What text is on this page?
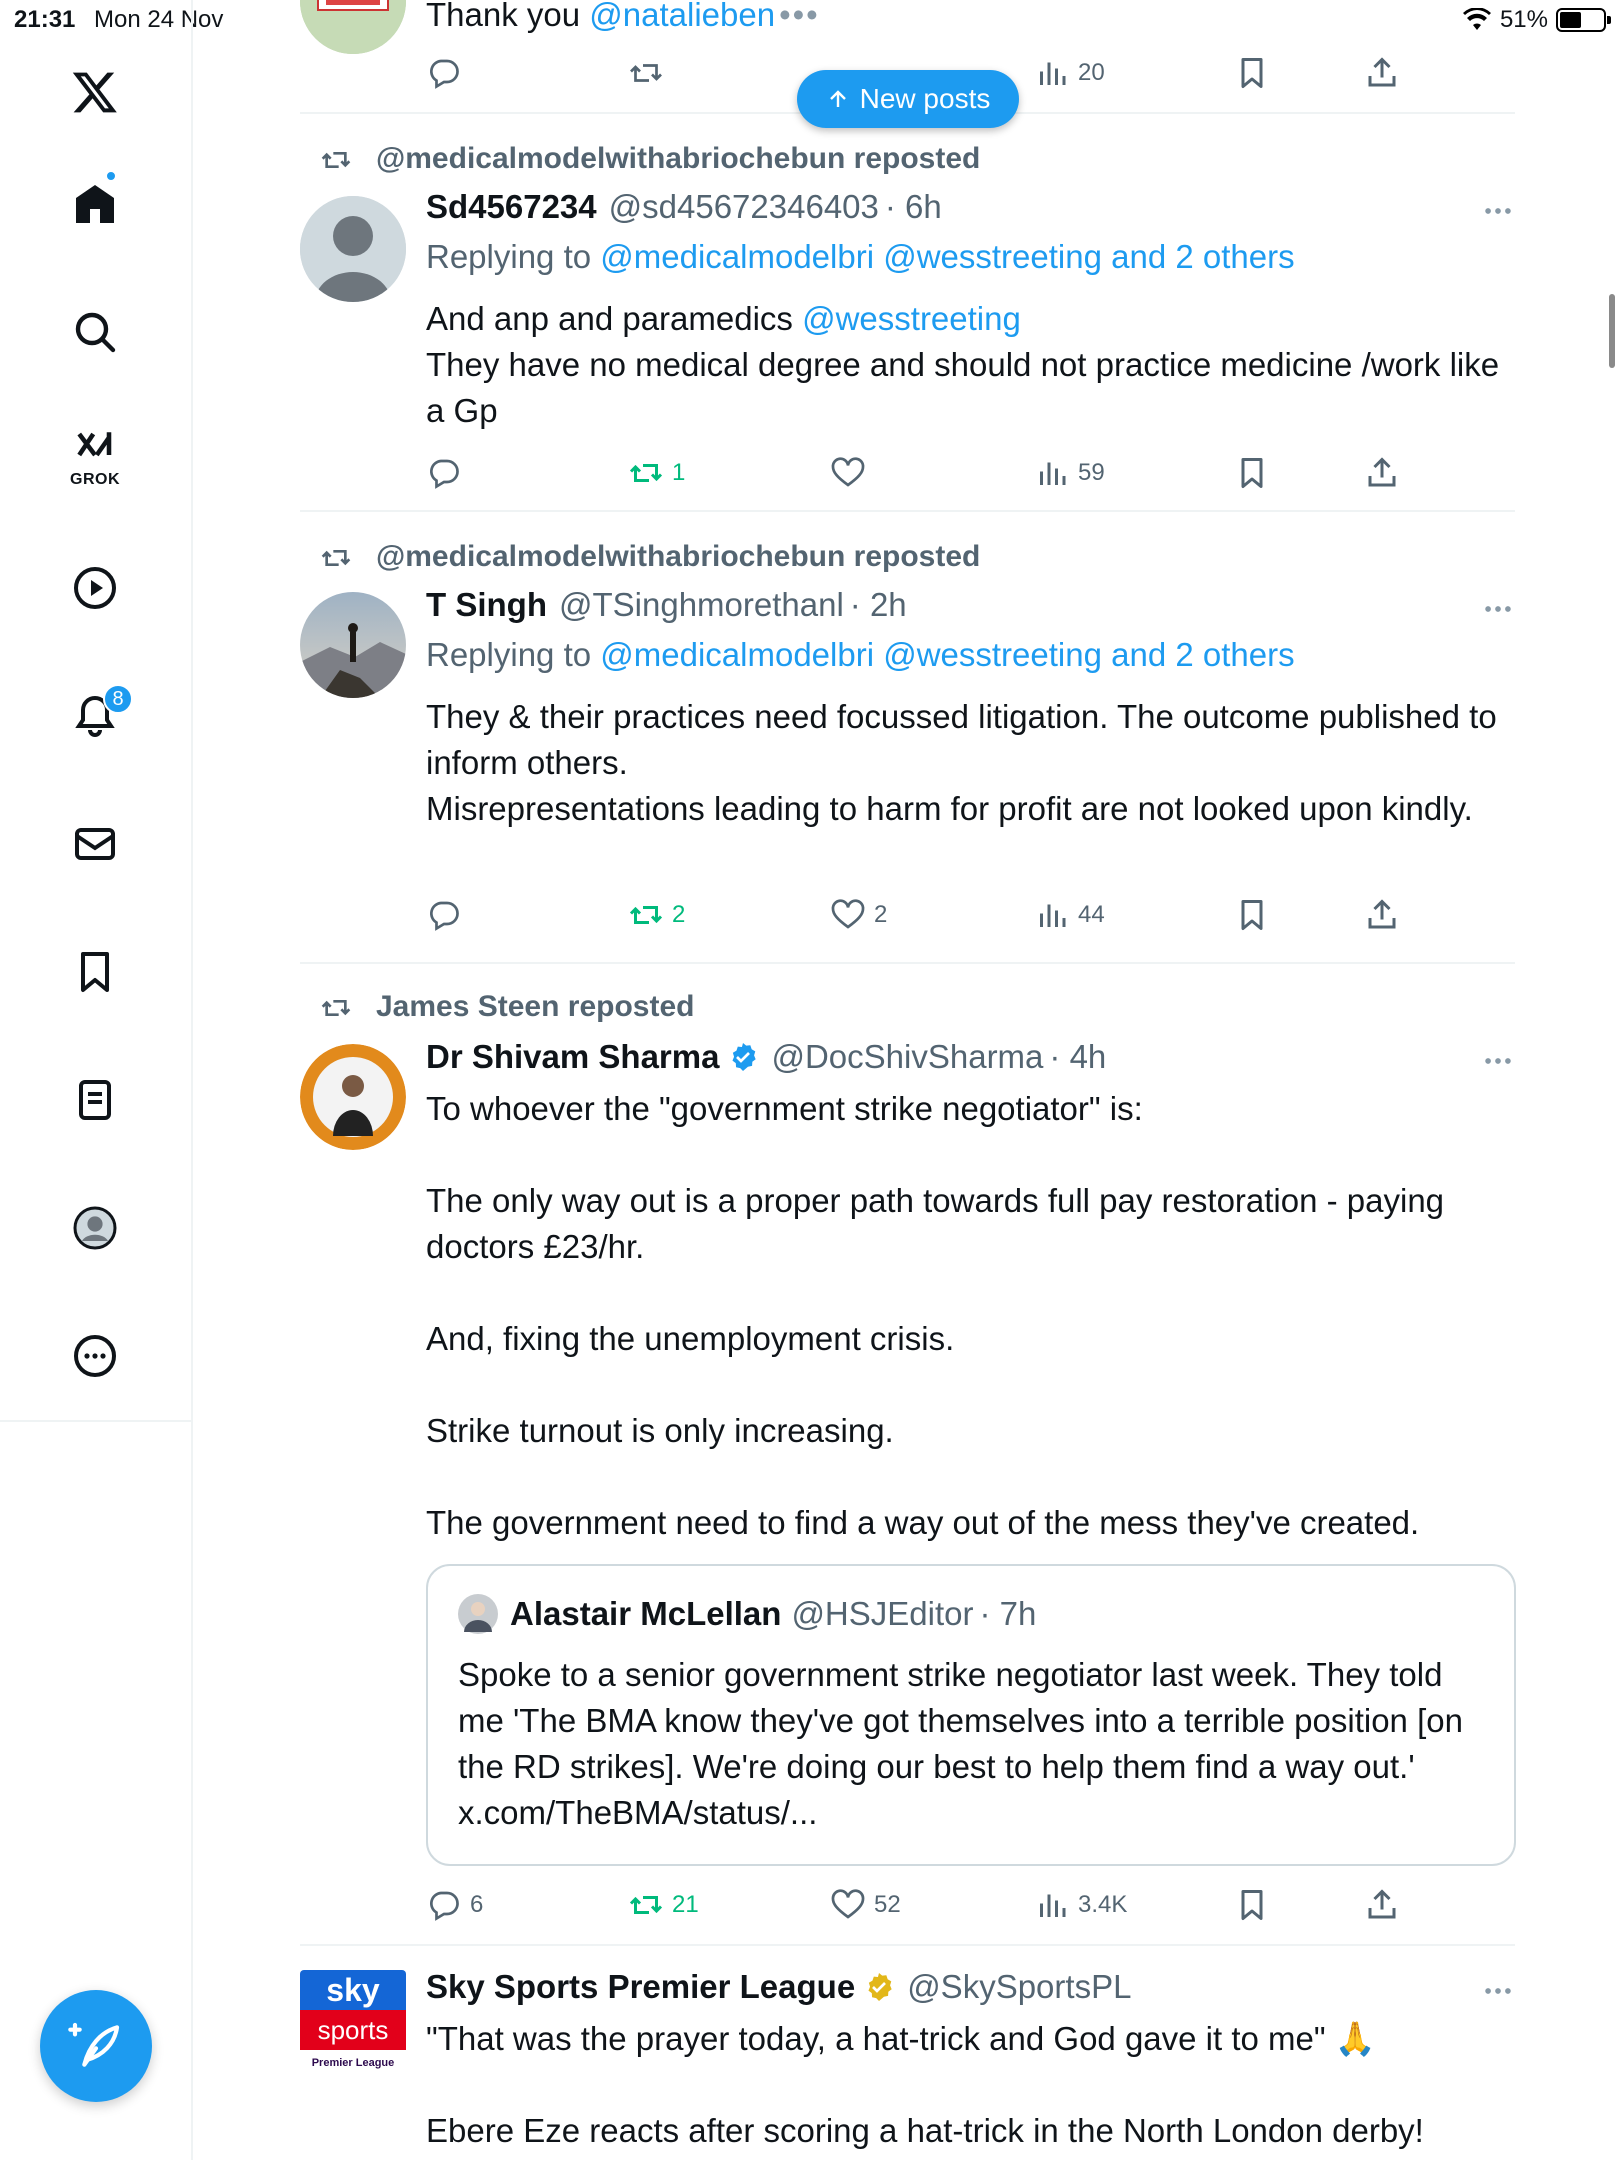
21:31 Mon 24 Nov	51%
GROK
8
Thank you @natalieben •••
20
@medicalmodelwithabriochebun reposted
Sd4567234 @sd45672346403 · 6h
Replying to @medicalmodelbri @wesstreeting and 2 others

And anp and paramedics @wesstreeting

They have no medical degree and should not practice medicine /work like a Gp

1	59
@medicalmodelwithabriochebun reposted
T Singh @TSinghmorethanl · 2h
Replying to @medicalmodelbri @wesstreeting and 2 others

They & their practices need focussed litigation. The outcome published to inform others.

Misrepresentations leading to harm for profit are not looked upon kindly.

2	2	44
James Steen reposted
Dr Shivam Sharma @DocShivSharma · 4h

To whoever the "government strike negotiator" is:

The only way out is a proper path towards full pay restoration - paying doctors £23/hr.

And, fixing the unemployment crisis.

Strike turnout is only increasing.

The government need to find a way out of the mess they've created.

Alastair McLellan @HSJEditor · 7h
Spoke to a senior government strike negotiator last week. They told me 'The BMA know they've got themselves into a terrible position [on the RD strikes]. We're doing our best to help them find a way out.' x.com/TheBMA/status/...
6	21	52	3.4K
sky
sports
Premier League
Sky Sports Premier League @SkySportsPL

"That was the prayer today, a hat-trick and God gave it to me" 🙏

Ebere Eze reacts after scoring a hat-trick in the North London derby!

New posts
